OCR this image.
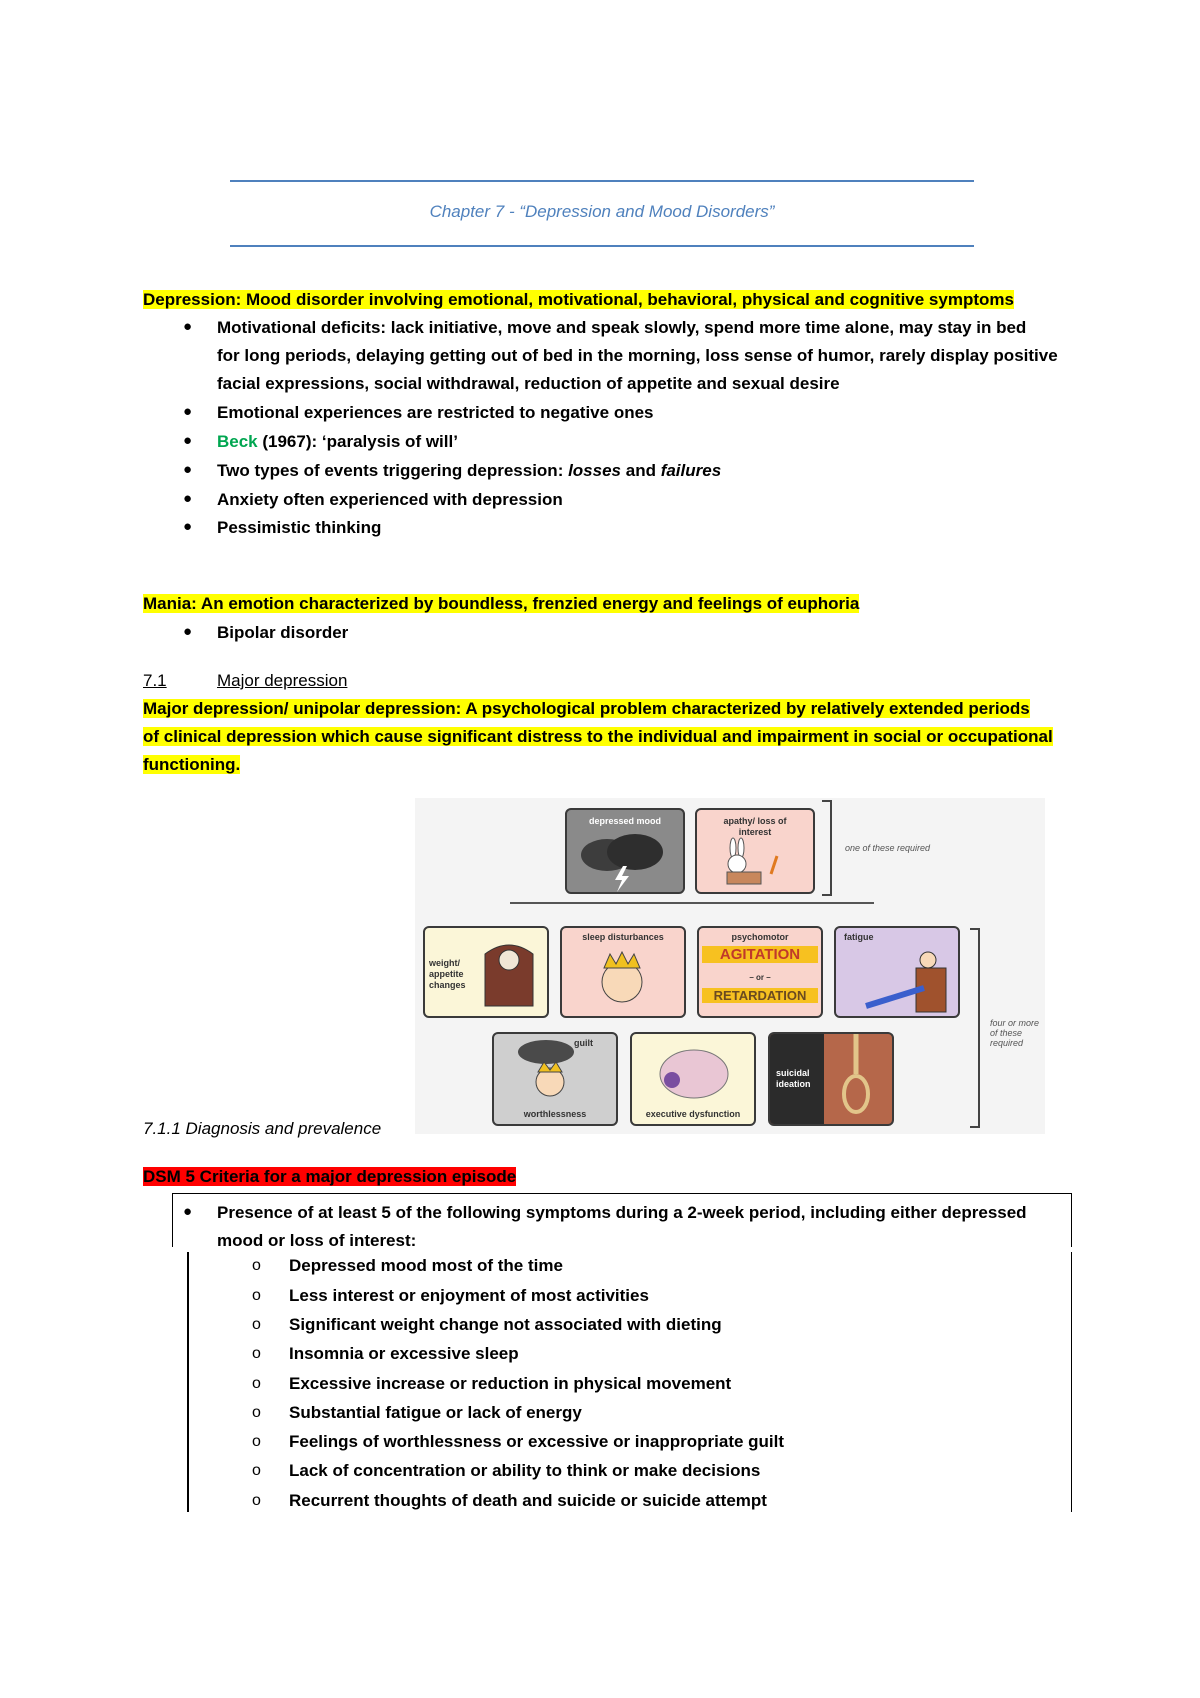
Chapter 7 - “Depression and Mood Disorders”
Depression: Mood disorder involving emotional, motivational, behavioral, physical and cognitive symptoms
● Motivational deficits: lack initiative, move and speak slowly, spend more time alone, may stay in bed
for long periods, delaying getting out of bed in the morning, loss sense of humor, rarely display positive
facial expressions, social withdrawal, reduction of appetite and sexual desire
● Emotional experiences are restricted to negative ones
● Beck (1967): ‘paralysis of will’
● Two types of events triggering depression: losses and failures
● Anxiety often experienced with depression
● Pessimistic thinking
Mania: An emotion characterized by boundless, frenzied energy and feelings of euphoria
● Bipolar disorder
7.1	Major depression
Major depression/ unipolar depression: A psychological problem characterized by relatively extended periods
of clinical depression which cause significant distress to the individual and impairment in social or occupational
functioning.
depressed mood	apathy/ loss of interest
one of these required
weight/ appetite changes
sleep disturbances	psychomotor
AGITATION
– or –
RETARDATION
fatigue
four or more of these required
guilt
worthlessness	executive dysfunction
suicidal ideation
7.1.1 Diagnosis and prevalence
DSM 5 Criteria for a major depression episode
● Presence of at least 5 of the following symptoms during a 2-week period, including either depressed
mood or loss of interest:
o Depressed mood most of the time
o Less interest or enjoyment of most activities
o Significant weight change not associated with dieting
o Insomnia or excessive sleep
o Excessive increase or reduction in physical movement
o Substantial fatigue or lack of energy
o Feelings of worthlessness or excessive or inappropriate guilt
o Lack of concentration or ability to think or make decisions
o Recurrent thoughts of death and suicide or suicide attempt
